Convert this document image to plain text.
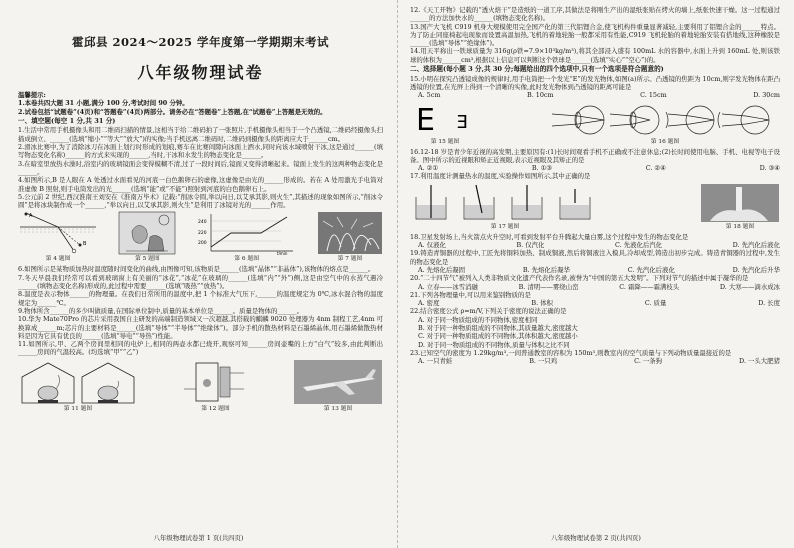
霍邱县 2024～2025 学年度第一学期期末考试
八年级物理试卷

温馨提示:

1.本卷共四大题 31 小题,满分 100 分,考试时间 90 分钟。

2.试卷包括“试题卷”(4页)和“答题卷”(4页)两部分。请务必在“答题卷”上答题,在“试题卷”上答题是无效的。

一、填空题(每空 1 分,共 31 分)

1.生活中常用手机摄像头和用二维码扫描的情景,这相当于给二维码拍了一张照片,手机摄像头相当于一个凸透镜,二维码经摄像头扫描成倒立、______(选填“缩小”“等大”“放大”)的实像;当手机远离二维码时,二维码到摄像头的距离应大于______cm。

2.滑冰比赛中,为了消除冰刀在冰面上划行时形成的划痕,赛车在比赛间隙向冰面上洒水,同时向该水域喷射干冰,这是通过______(填写物态变化名称)______的方式来实现的______,当时,干冰和水发生的物态变化是______。

3.在暗室里放热水澡时,浴室内的玻璃镜面会变得模糊不清,过了一段时间后,镜面又变得清晰起来。镜面上发生的这两种物态变化是______。

4.如图所示,B 是人眼在 A 处透过水面看见的河底一白色鹅卵石的虚像,这虚像是由光的______形成的。若在 A 处用激光手电筒对准虚像 B 照射,则手电筒发出的光______(选填“能”或“不能”)照射到河底的白色鹅卵石上。

5.公元前 2 世纪,西汉淮南王刘安在《淮南万毕术》记载:“削冰令圆,举以向日,以艾承其影,则火生”,其描述的现象如图所示,“削冰令圆”是将冰块制作成一个______,“举以向日,以艾承其影,则火生”是利用了冰镜对光的______作用。

A
B
第 4 题图	第 5 题图
240
220
200
t/min
第 6 题图	第 7 题图

6.如图所示是某物质加热时温度随时间变化的曲线,由图像可知,该物质是______(选填“晶体”“非晶体”),该物体的熔点是______。

7.冬天早晨我们经常可以看到玻璃窗上有美丽的“冰花”,“冰花”在玻璃的______(选填“内”“外”)侧,这是由空气中的水蒸气遇冷______(填物态变化名称)形成的,此过程中需要______(选填“吸热”“放热”)。

8.温度是表示物体______的物理量。在我们日常所用的温度中,把 1 个标准大气压下,______的温度规定为 0℃,冰水混合物的温度规定为______℃。

9.物体所含______的多少叫做质量,在国际单位制中,质量的基本单位是______。质量是物体的______。

10.华为 Mate70Pro 的芯片采用我国自主研发的高端制造领域又一次超越,其搭载的麒麟 9020 处理器为 4nm 制程工艺,4nm 可换算成______m;芯片的主要材料是______(选填“导体”“半导体”“绝缘体”)。部分手机的散热材料是石墨烯晶体,用石墨烯做散热材料是因为它具有优良的______(选填“导电”“导热”)性能。

11.如图所示,甲、乙两个房间里相同的电炉上,相同的两壶水都已烧开,观察可知______房间壶嘴的上方“白气”较多,由此判断出______房间的气温较高。(均选填“甲”“乙”)

第 11 题图	第 12 题图	第 13 题图
八年级物理试卷第 1 页(共四页)

12.《天工开物》记载的“透火焙干”是造纸的一道工序,其做法是将刚生产出的湿纸张贴在烤火的墙上,纸张快速干燥。这一过程通过______的方法加快水的______(填物态变化名称)。

13.国产大飞机 C919 机身大规模使用完全国产化的第三代铝锂合金,使飞机构件重量显著减轻,主要利用了铝锂合金的______特点。为了防止同座椅起电现象而设置高温加热,飞机的着地轮胎一般都采用有性能,C919 飞机轮胎的着地轮胎安装有搭地线,这种橡胶是______(选填“导体”“绝缘体”)。

14.用天平称出一铁球质量为 316g(ρ铁=7.9×10³kg/m³),将其全部浸入盛有 100mL 水的容器中,水面上升到 160mL 处,则该铁球的体积为______cm³,根据以上信息可以判断这个铁球是______(选填“实心”“空心”)的。

二、选择题(每小题 3 分,共 30 分;每题给出的四个选项中,只有一个选项是符合题意的)

15.小明在探究凸透镜成像的规律时,用手电筒把一个发光“E”的发光物体,如图(a)所示。凸透镜的焦距为 10cm,则字发光物体在距凸透镜的位置,在光屏上得到一个清晰的实像,此时发光物体到凸透镜的距离可能是

A. 5cm	B. 10cm	C. 15cm	D. 30cm
E E
第 15 题图	第 16 题图

16.12-18 岁是青少年近视的高发期,主要原因有:(1)长时间观看手机不正确或不注意休息;(2)长时间使用电脑、手机、电视等电子设备。图中所示的近视眼和矫正近视眼,表示近视眼及其矫正的是

A. ②①	B. ①③	C. ②④	D. ③④

17.利用温度计测量热水的温度,实验操作如图所示,其中正确的是

第 17 题图	第 18 题图

18.卫星发射场上,当火箭点火升空时,可看到发射平台升腾起大量白雾,这个过程中发生的物态变化是

A. 仅液化	B. 仅汽化	C. 先液化后汽化	D. 先汽化后液化

19.铸造青铜器的过程中,工匠先将铜料加热、制成铜液,然后将铜液注入模具,冷却成型,铸造出初步完成。铸造青铜器的过程中,发生的物态变化是

A. 先熔化后凝固	B. 先熔化后凝华	C. 先汽化后液化	D. 先汽化后升华

20.“二十四节气”被列入人类非物质文化遗产代表作名录,被誉为“中国的第五大发明”。下列对节气的描述中属于凝华的是

A. 立春——冰雪消融	B. 清明——雾绕山峦	C. 霜降——霜满枝头	D. 大寒——滴水成冰

21.下列各物理量中,可以用来鉴别物质的是

A. 密度	B. 体积	C. 质量	D. 长度

22.结合密度公式 ρ=m/V,下列关于密度的说法正确的是

A. 对于同一物质组成的不同物体,密度相同

B. 对于同一种物质组成的不同物体,其质量越大,密度越大

C. 对于同一种物质组成的不同物体,其体积越大,密度越小

D. 对于同一物质组成的不同物体,质量与体积之比不同

23.已知空气的密度为 1.29kg/m³,一间普通教室的容积为 150m³,则教室内的空气质量与下列动物质量最接近的是

A. 一只青蛙	B. 一只鸡	C. 一条狗	D. 一头大肥猪
八年级物理试卷第 2 页(共四页)
